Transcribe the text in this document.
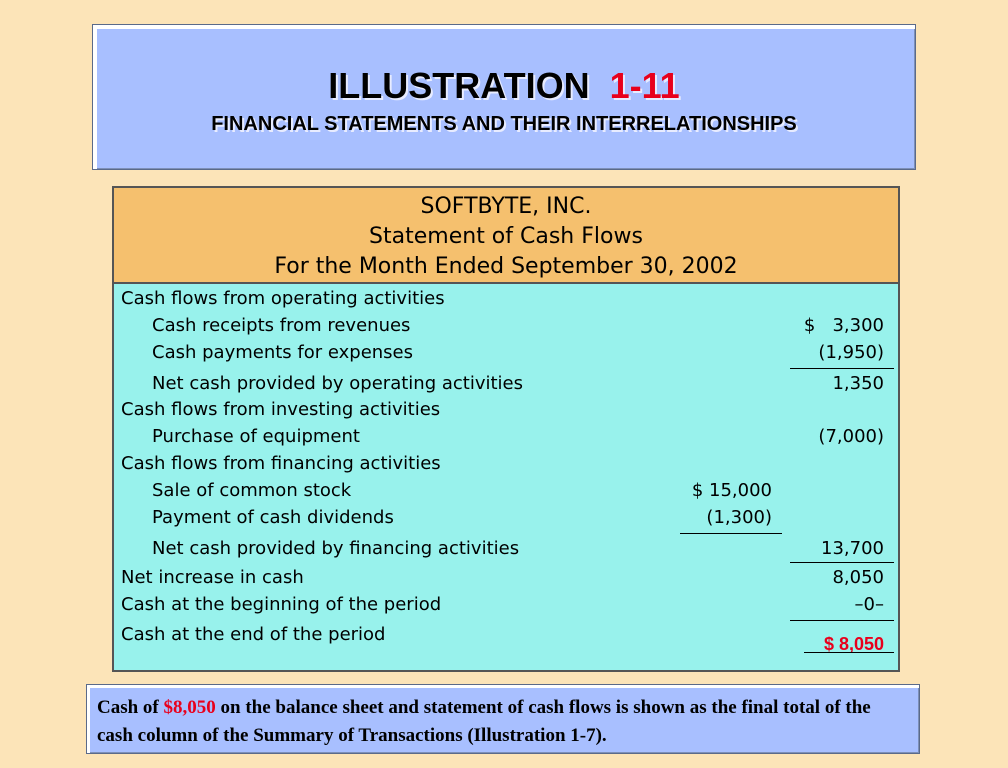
ILLUSTRATION 1-11
FINANCIAL STATEMENTS AND THEIR INTERRELATIONSHIPS
SOFTBYTE, INC.
Statement of Cash Flows
For the Month Ended September 30, 2002
Cash flows from operating activities
Cash receipts from revenues	$   3,300
Cash payments for expenses	(1,950)
Net cash provided by operating activities	1,350
Cash flows from investing activities
Purchase of equipment	(7,000)
Cash flows from financing activities
Sale of common stock	$ 15,000
Payment of cash dividends	(1,300)
Net cash provided by financing activities	13,700
Net increase in cash	8,050
Cash at the beginning of the period	–0–
Cash at the end of the period	$ 8,050
Cash of $8,050 on the balance sheet and statement of cash flows is shown as the final total of the cash column of the Summary of Transactions (Illustration 1-7).
